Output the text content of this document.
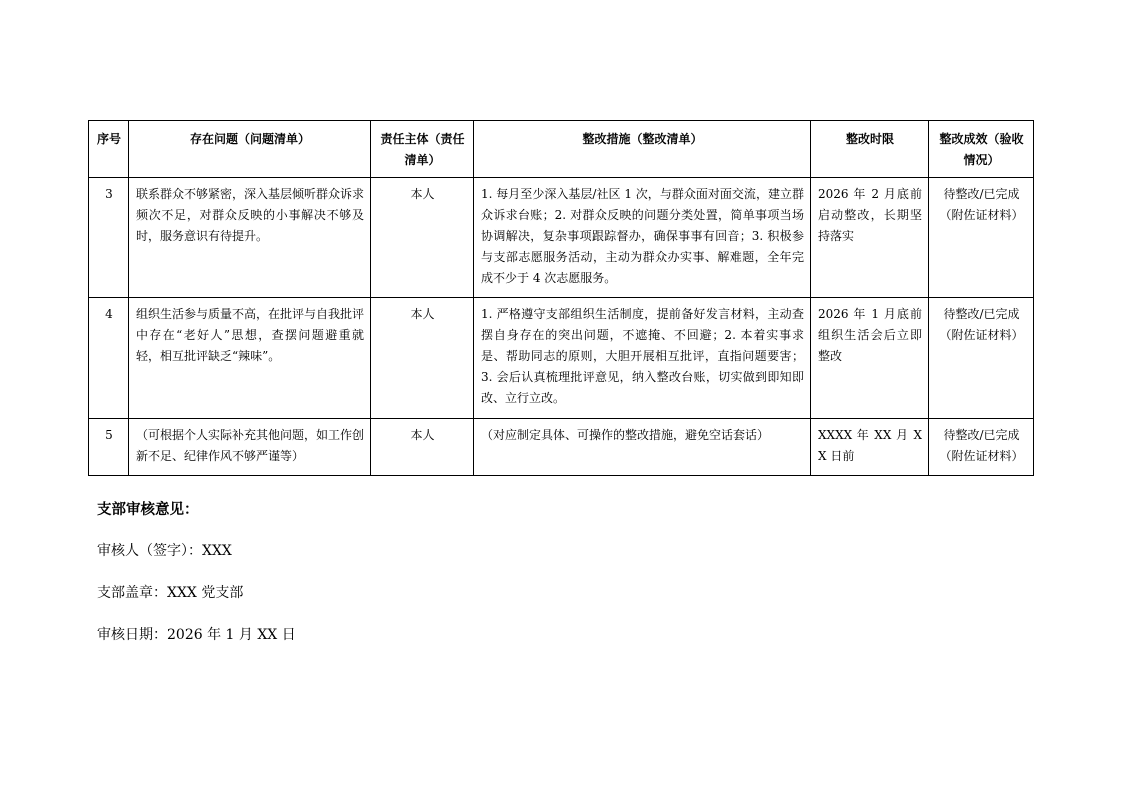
序号	存在问题（问题清单）	责任主体（责任清单）	整改措施（整改清单）	整改时限	整改成效（验收情况）
3	联系群众不够紧密，深入基层倾听群众诉求频次不足，对群众反映的小事解决不够及时，服务意识有待提升。	本人	1. 每月至少深入基层/社区 1 次，与群众面对面交流，建立群众诉求台账；2. 对群众反映的问题分类处置，简单事项当场协调解决，复杂事项跟踪督办，确保事事有回音；3. 积极参与支部志愿服务活动，主动为群众办实事、解难题，全年完成不少于 4 次志愿服务。	2026 年 2 月底前启动整改，长期坚持落实	待整改/已完成（附佐证材料）
4	组织生活参与质量不高，在批评与自我批评中存在“老好人”思想，查摆问题避重就轻，相互批评缺乏“辣味”。	本人	1. 严格遵守支部组织生活制度，提前备好发言材料，主动查摆自身存在的突出问题，不遮掩、不回避；2. 本着实事求是、帮助同志的原则，大胆开展相互批评，直指问题要害；3. 会后认真梳理批评意见，纳入整改台账，切实做到即知即改、立行立改。	2026 年 1 月底前组织生活会后立即整改	待整改/已完成（附佐证材料）
5	（可根据个人实际补充其他问题，如工作创新不足、纪律作风不够严谨等）	本人	（对应制定具体、可操作的整改措施，避免空话套话）	XXXX 年 XX 月 XX 日前	待整改/已完成（附佐证材料）
支部审核意见：
审核人（签字）：XXX
支部盖章：XXX 党支部
审核日期：2026 年 1 月 XX 日
